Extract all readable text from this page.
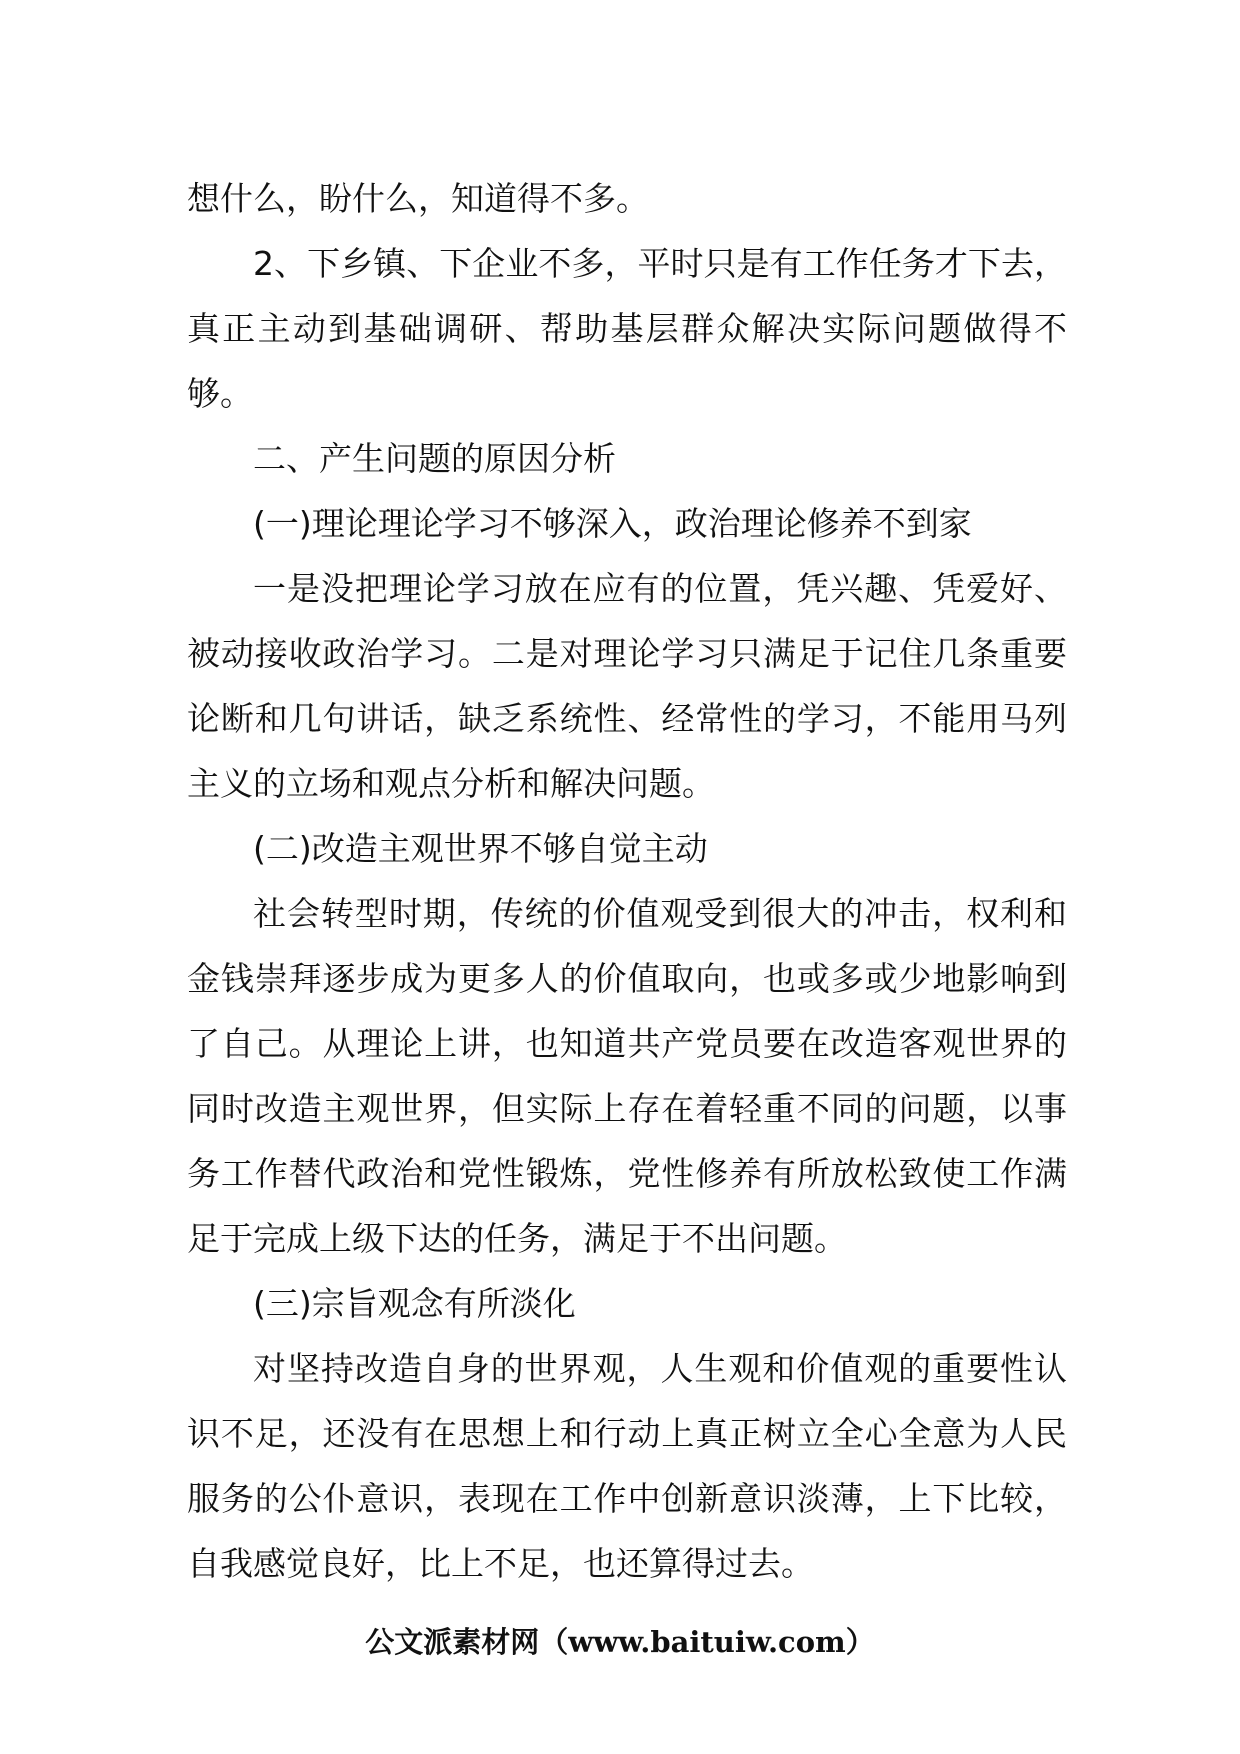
想什么，盼什么，知道得不多。

2、下乡镇、下企业不多，平时只是有工作任务才下去，真正主动到基础调研、帮助基层群众解决实际问题做得不够。

二、产生问题的原因分析

(一)理论理论学习不够深入，政治理论修养不到家

一是没把理论学习放在应有的位置，凭兴趣、凭爱好、被动接收政治学习。二是对理论学习只满足于记住几条重要论断和几句讲话，缺乏系统性、经常性的学习，不能用马列主义的立场和观点分析和解决问题。

(二)改造主观世界不够自觉主动

社会转型时期，传统的价值观受到很大的冲击，权利和金钱崇拜逐步成为更多人的价值取向，也或多或少地影响到了自己。从理论上讲，也知道共产党员要在改造客观世界的同时改造主观世界，但实际上存在着轻重不同的问题，以事务工作替代政治和党性锻炼，党性修养有所放松致使工作满足于完成上级下达的任务，满足于不出问题。

(三)宗旨观念有所淡化

对坚持改造自身的世界观，人生观和价值观的重要性认识不足，还没有在思想上和行动上真正树立全心全意为人民服务的公仆意识，表现在工作中创新意识淡薄，上下比较，自我感觉良好，比上不足，也还算得过去。

公文派素材网（www.baituiw.com）
